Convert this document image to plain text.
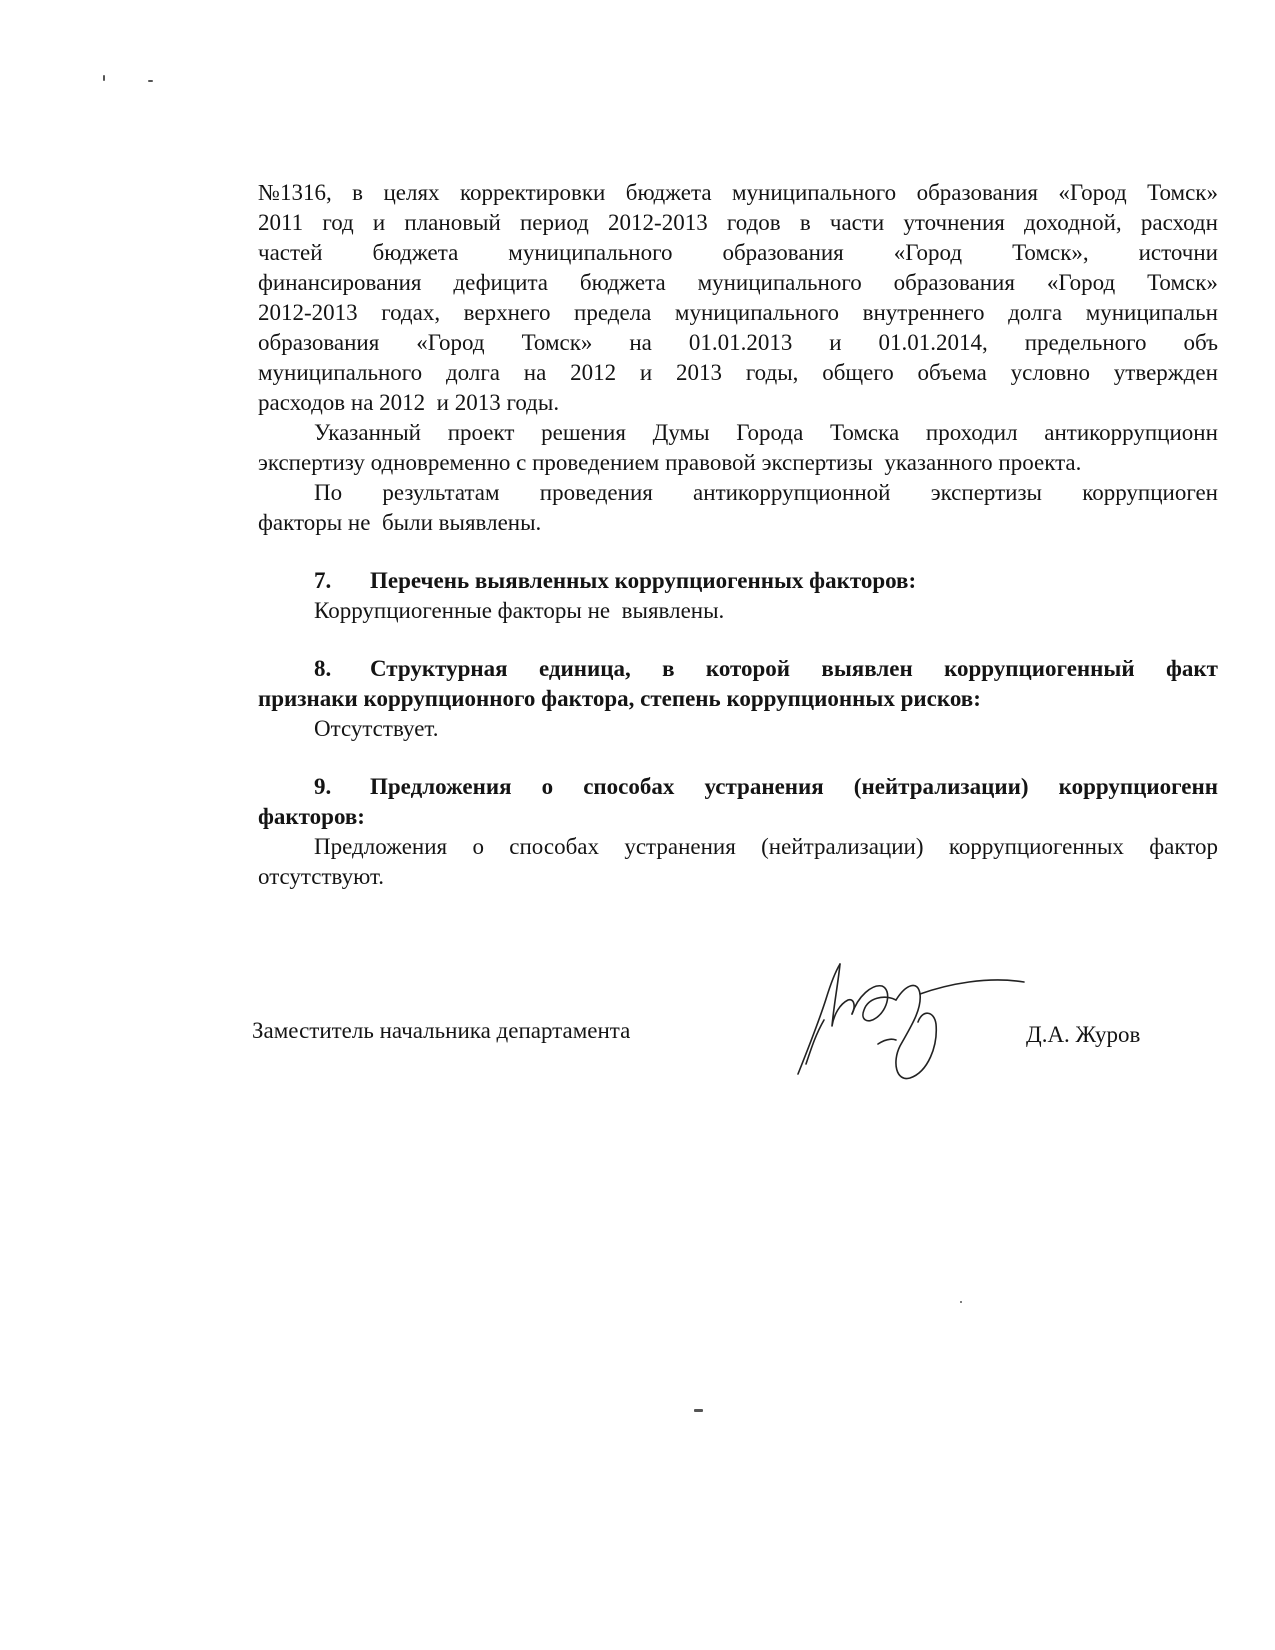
№1316, в целях корректировки бюджета муниципального образования «Город Томск»
2011 год и плановый период 2012-2013 годов в части уточнения доходной, расходн
частей бюджета муниципального образования «Город Томск», источни
финансирования дефицита бюджета муниципального образования «Город Томск»
2012-2013 годах, верхнего предела муниципального внутреннего долга муниципальн
образования «Город Томск» на 01.01.2013 и 01.01.2014, предельного объ
муниципального долга на 2012 и 2013 годы, общего объема условно утвержден
расходов на 2012  и 2013 годы.
Указанный проект решения Думы Города Томска проходил антикоррупционн
экспертизу одновременно с проведением правовой экспертизы  указанного проекта.
По результатам проведения антикоррупционной экспертизы коррупциоген
факторы не  были выявлены.
7.	Перечень выявленных коррупциогенных факторов:
Коррупциогенные факторы не  выявлены.
8.	Структурная единица, в которой выявлен коррупциогенный факт
признаки коррупционного фактора, степень коррупционных рисков:
Отсутствует.
9.	Предложения о способах устранения (нейтрализации) коррупциогенн
факторов:
Предложения о способах устранения (нейтрализации) коррупциогенных фактор
отсутствуют.
Заместитель начальника департамента	Д.А. Журов
